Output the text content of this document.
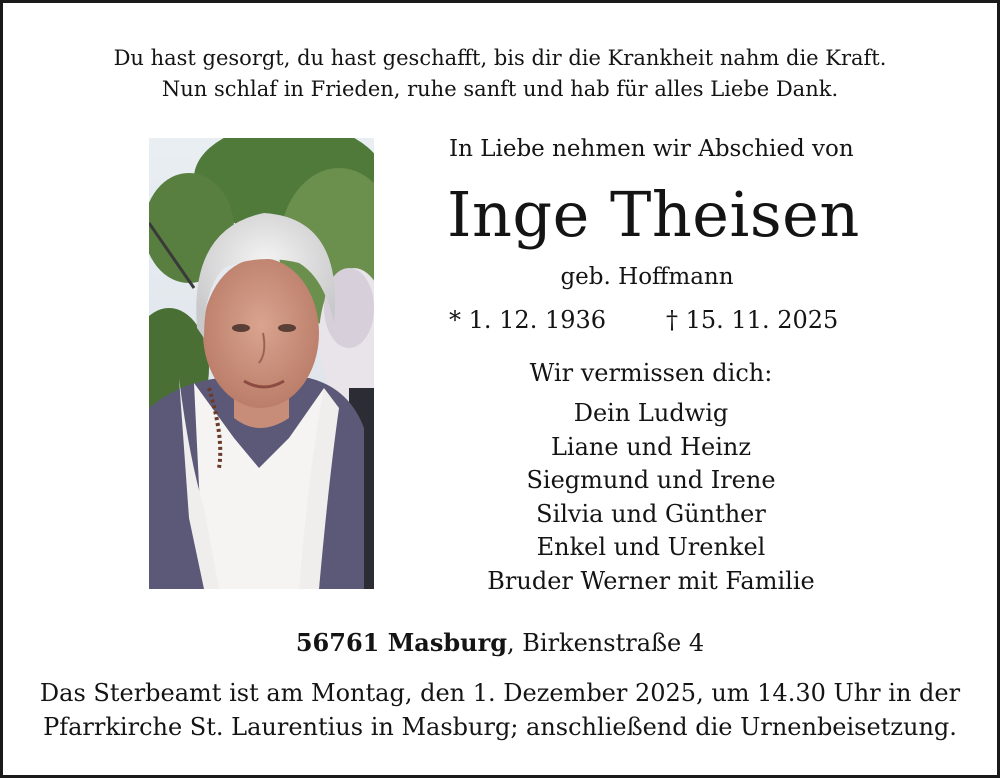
Du hast gesorgt, du hast geschafft, bis dir die Krankheit nahm die Kraft.
Nun schlaf in Frieden, ruhe sanft und hab für alles Liebe Dank.
In Liebe nehmen wir Abschied von
Inge Theisen
geb. Hoffmann
* 1. 12. 1936 † 15. 11. 2025
Wir vermissen dich:
Dein Ludwig
Liane und Heinz
Siegmund und Irene
Silvia und Günther
Enkel und Urenkel
Bruder Werner mit Familie
56761 Masburg, Birkenstraße 4
Das Sterbeamt ist am Montag, den 1. Dezember 2025, um 14.30 Uhr in der
Pfarrkirche St. Laurentius in Masburg; anschließend die Urnenbeisetzung.
